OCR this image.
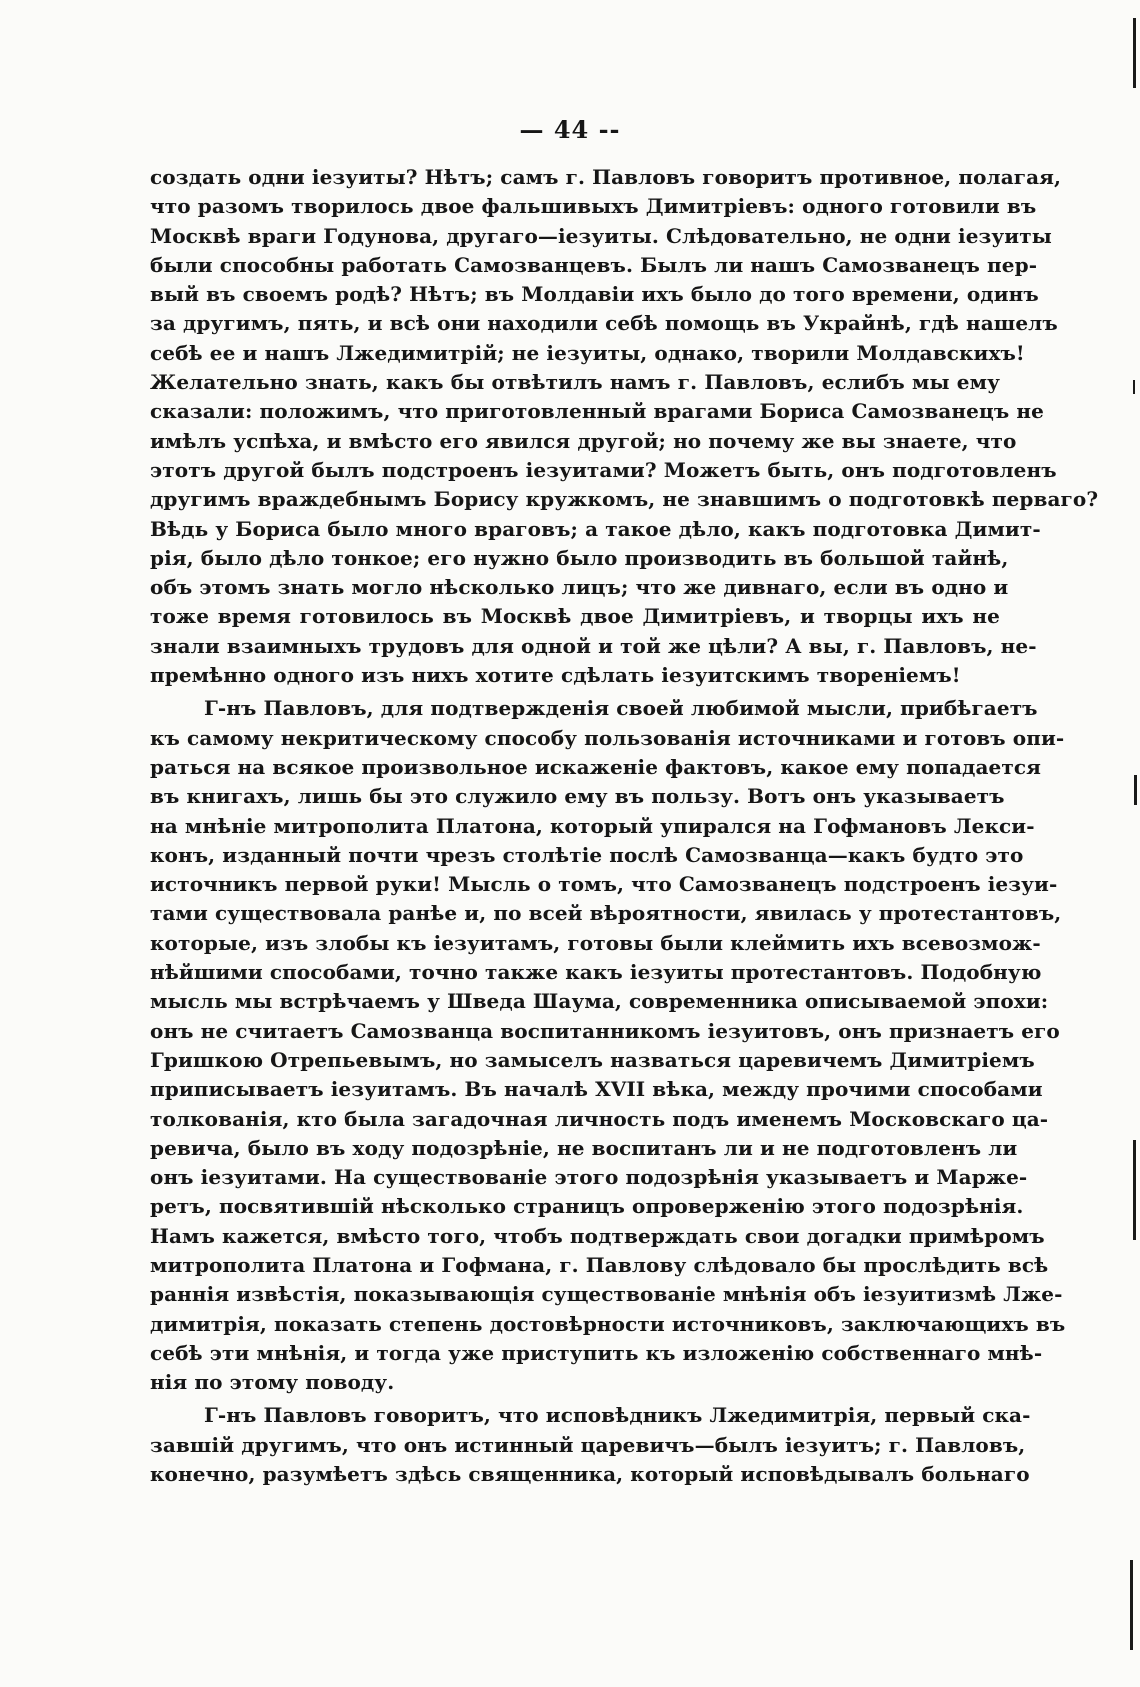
— 44 --
создать одни іезуиты? Нѣтъ; самъ г. Павловъ говоритъ противное, полагая,
что разомъ творилось двое фальшивыхъ Димитріевъ: одного готовили въ
Москвѣ враги Годунова, другаго—іезуиты. Слѣдовательно, не одни іезуиты
были способны работать Самозванцевъ. Былъ ли нашъ Самозванецъ пер-
вый въ своемъ родѣ? Нѣтъ; въ Молдавіи ихъ было до того времени, одинъ
за другимъ, пять, и всѣ они находили себѣ помощь въ Украйнѣ, гдѣ нашелъ
себѣ ее и нашъ Лжедимитрій; не іезуиты, однако, творили Молдавскихъ!
Желательно знать, какъ бы отвѣтилъ намъ г. Павловъ, еслибъ мы ему
сказали: положимъ, что приготовленный врагами Бориса Самозванецъ не
имѣлъ успѣха, и вмѣсто его явился другой; но почему же вы знаете, что
этотъ другой былъ подстроенъ іезуитами? Можетъ быть, онъ подготовленъ
другимъ враждебнымъ Борису кружкомъ, не знавшимъ о подготовкѣ перваго?
Вѣдь у Бориса было много враговъ; а такое дѣло, какъ подготовка Димит-
рія, было дѣло тонкое; его нужно было производить въ большой тайнѣ,
объ этомъ знать могло нѣсколько лицъ; что же дивнаго, если въ одно и
тоже время готовилось въ Москвѣ двое Димитріевъ, и творцы ихъ не
знали взаимныхъ трудовъ для одной и той же цѣли? А вы, г. Павловъ, не-
премѣнно одного изъ нихъ хотите сдѣлать іезуитскимъ твореніемъ!
Г-нъ Павловъ, для подтвержденія своей любимой мысли, прибѣгаетъ
къ самому некритическому способу пользованія источниками и готовъ опи-
раться на всякое произвольное искаженіе фактовъ, какое ему попадается
въ книгахъ, лишь бы это служило ему въ пользу. Вотъ онъ указываетъ
на мнѣніе митрополита Платона, который упирался на Гофмановъ Лекси-
конъ, изданный почти чрезъ столѣтіе послѣ Самозванца—какъ будто это
источникъ первой руки! Мысль о томъ, что Самозванецъ подстроенъ іезуи-
тами существовала ранѣе и, по всей вѣроятности, явилась у протестантовъ,
которые, изъ злобы къ іезуитамъ, готовы были клеймить ихъ всевозмож-
нѣйшими способами, точно также какъ іезуиты протестантовъ. Подобную
мысль мы встрѣчаемъ у Шведа Шаума, современника описываемой эпохи:
онъ не считаетъ Самозванца воспитанникомъ іезуитовъ, онъ признаетъ его
Гришкою Отрепьевымъ, но замыселъ назваться царевичемъ Димитріемъ
приписываетъ іезуитамъ. Въ началѣ XVII вѣка, между прочими способами
толкованія, кто была загадочная личность подъ именемъ Московскаго ца-
ревича, было въ ходу подозрѣніе, не воспитанъ ли и не подготовленъ ли
онъ іезуитами. На существованіе этого подозрѣнія указываетъ и Марже-
ретъ, посвятившій нѣсколько страницъ опроверженію этого подозрѣнія.
Намъ кажется, вмѣсто того, чтобъ подтверждать свои догадки примѣромъ
митрополита Платона и Гофмана, г. Павлову слѣдовало бы прослѣдить всѣ
раннія извѣстія, показывающія существованіе мнѣнія объ іезуитизмѣ Лже-
димитрія, показать степень достовѣрности источниковъ, заключающихъ въ
себѣ эти мнѣнія, и тогда уже приступить къ изложенію собственнаго мнѣ-
нія по этому поводу.
Г-нъ Павловъ говоритъ, что исповѣдникъ Лжедимитрія, первый ска-
завшій другимъ, что онъ истинный царевичъ—былъ іезуитъ; г. Павловъ,
конечно, разумѣетъ здѣсь священника, который исповѣдывалъ больнаго
